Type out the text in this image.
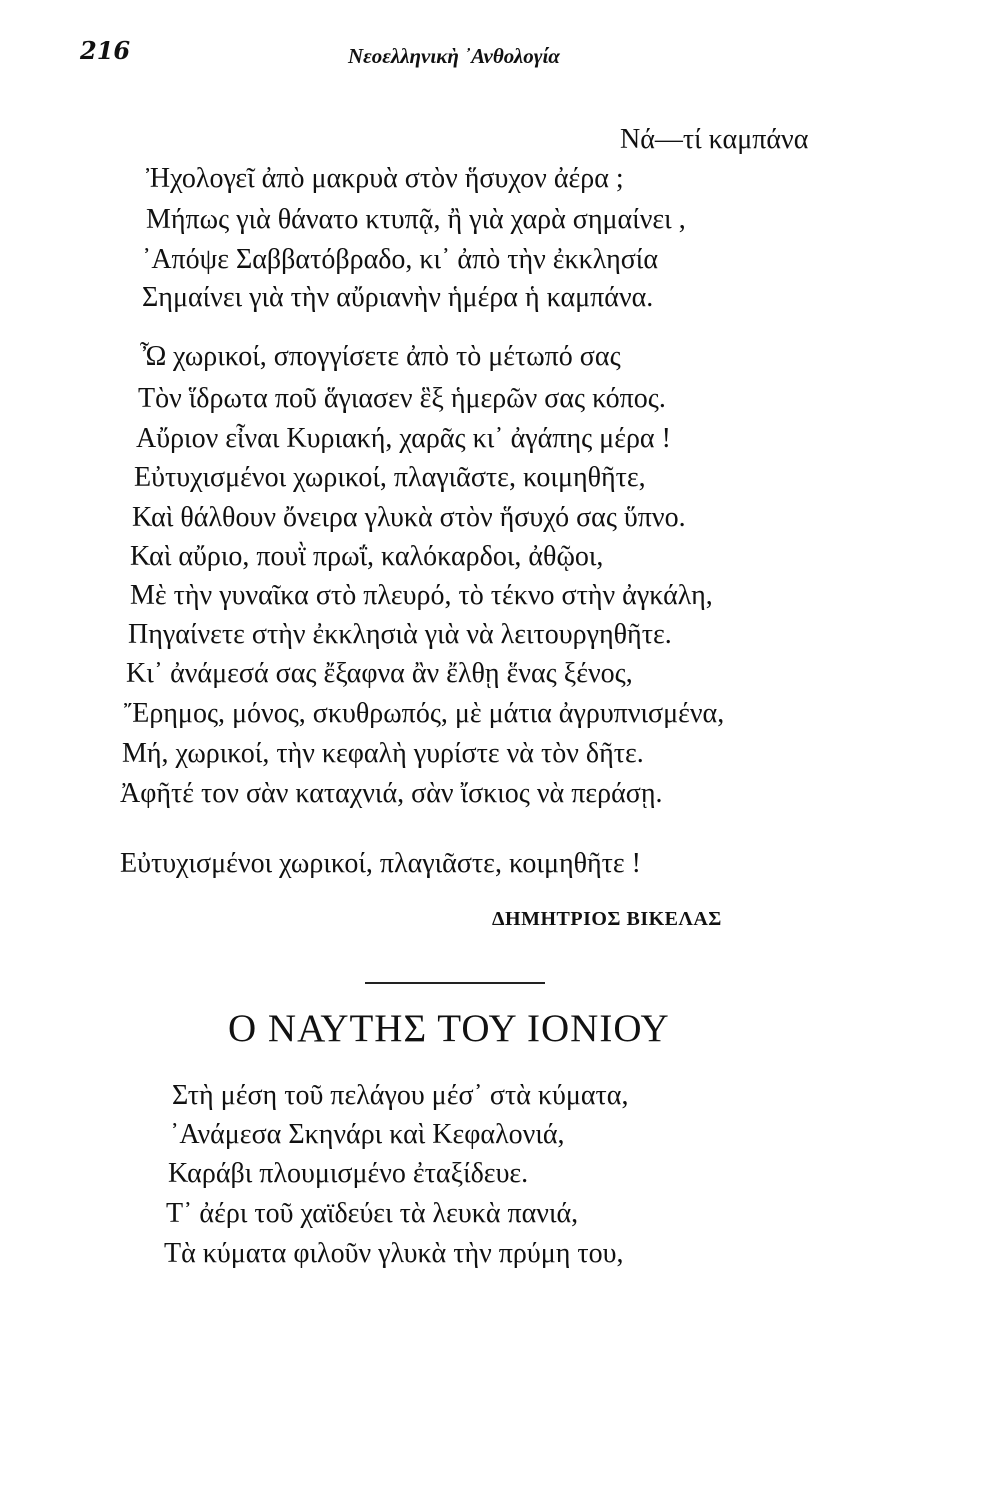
216	Νεοελληνικὴ ᾿Ανθολογία
Νά—τί καμπάνα
Ἠχολογεῖ ἀπὸ μακρυὰ στὸν ἥσυχον ἀέρα ;
Μήπως γιὰ θάνατο κτυπᾷ, ἢ γιὰ χαρὰ σημαίνει ,
᾿Απόψε Σαββατόβραδο, κι᾿ ἀπὸ τὴν ἐκκλησία
Σημαίνει γιὰ τὴν αὔριανὴν ἡμέρα ἡ καμπάνα.
Ὦ χωρικοί, σπογγίσετε ἀπὸ τὸ μέτωπό σας
Τὸν ἵδρωτα ποῦ ἅγιασεν ἓξ ἡμερῶν σας κόπος.
Αὔριον εἶναι Κυριακή, χαρᾶς κι᾿ ἀγάπης μέρα !
Εὐτυχισμένοι χωρικοί, πλαγιᾶστε, κοιμηθῆτε,
Καὶ θάλθουν ὄνειρα γλυκὰ στὸν ἥσυχό σας ὕπνο.
Καὶ αὔριο, πουῒ πρωΐ, καλόκαρδοι, ἀθῷοι,
Μὲ τὴν γυναῖκα στὸ πλευρό, τὸ τέκνο στὴν ἀγκάλη,
Πηγαίνετε στὴν ἐκκλησιὰ γιὰ νὰ λειτουργηθῆτε.
Κι᾿ ἀνάμεσά σας ἔξαφνα ἂν ἔλθῃ ἕνας ξένος,
Ἔρημος, μόνος, σκυθρωπός, μὲ μάτια ἀγρυπνισμένα,
Μή, χωρικοί, τὴν κεφαλὴ γυρίστε νὰ τὸν δῆτε.
Ἀφῆτέ τον σὰν καταχνιά, σὰν ἴσκιος νὰ περάσῃ.
Εὐτυχισμένοι χωρικοί, πλαγιᾶστε, κοιμηθῆτε !
ΔΗΜΗΤΡΙΟΣ ΒΙΚΕΛΑΣ
Ο ΝΑΥΤΗΣ ΤΟΥ ΙΟΝΙΟΥ
Στὴ μέση τοῦ πελάγου μέσ᾿ στὰ κύματα,
᾿Ανάμεσα Σκηνάρι καὶ Κεφαλονιά,
Καράβι πλουμισμένο ἐταξίδευε.
Τ᾿ ἀέρι τοῦ χαϊδεύει τὰ λευκὰ πανιά,
Τὰ κύματα φιλοῦν γλυκὰ τὴν πρύμη του,
